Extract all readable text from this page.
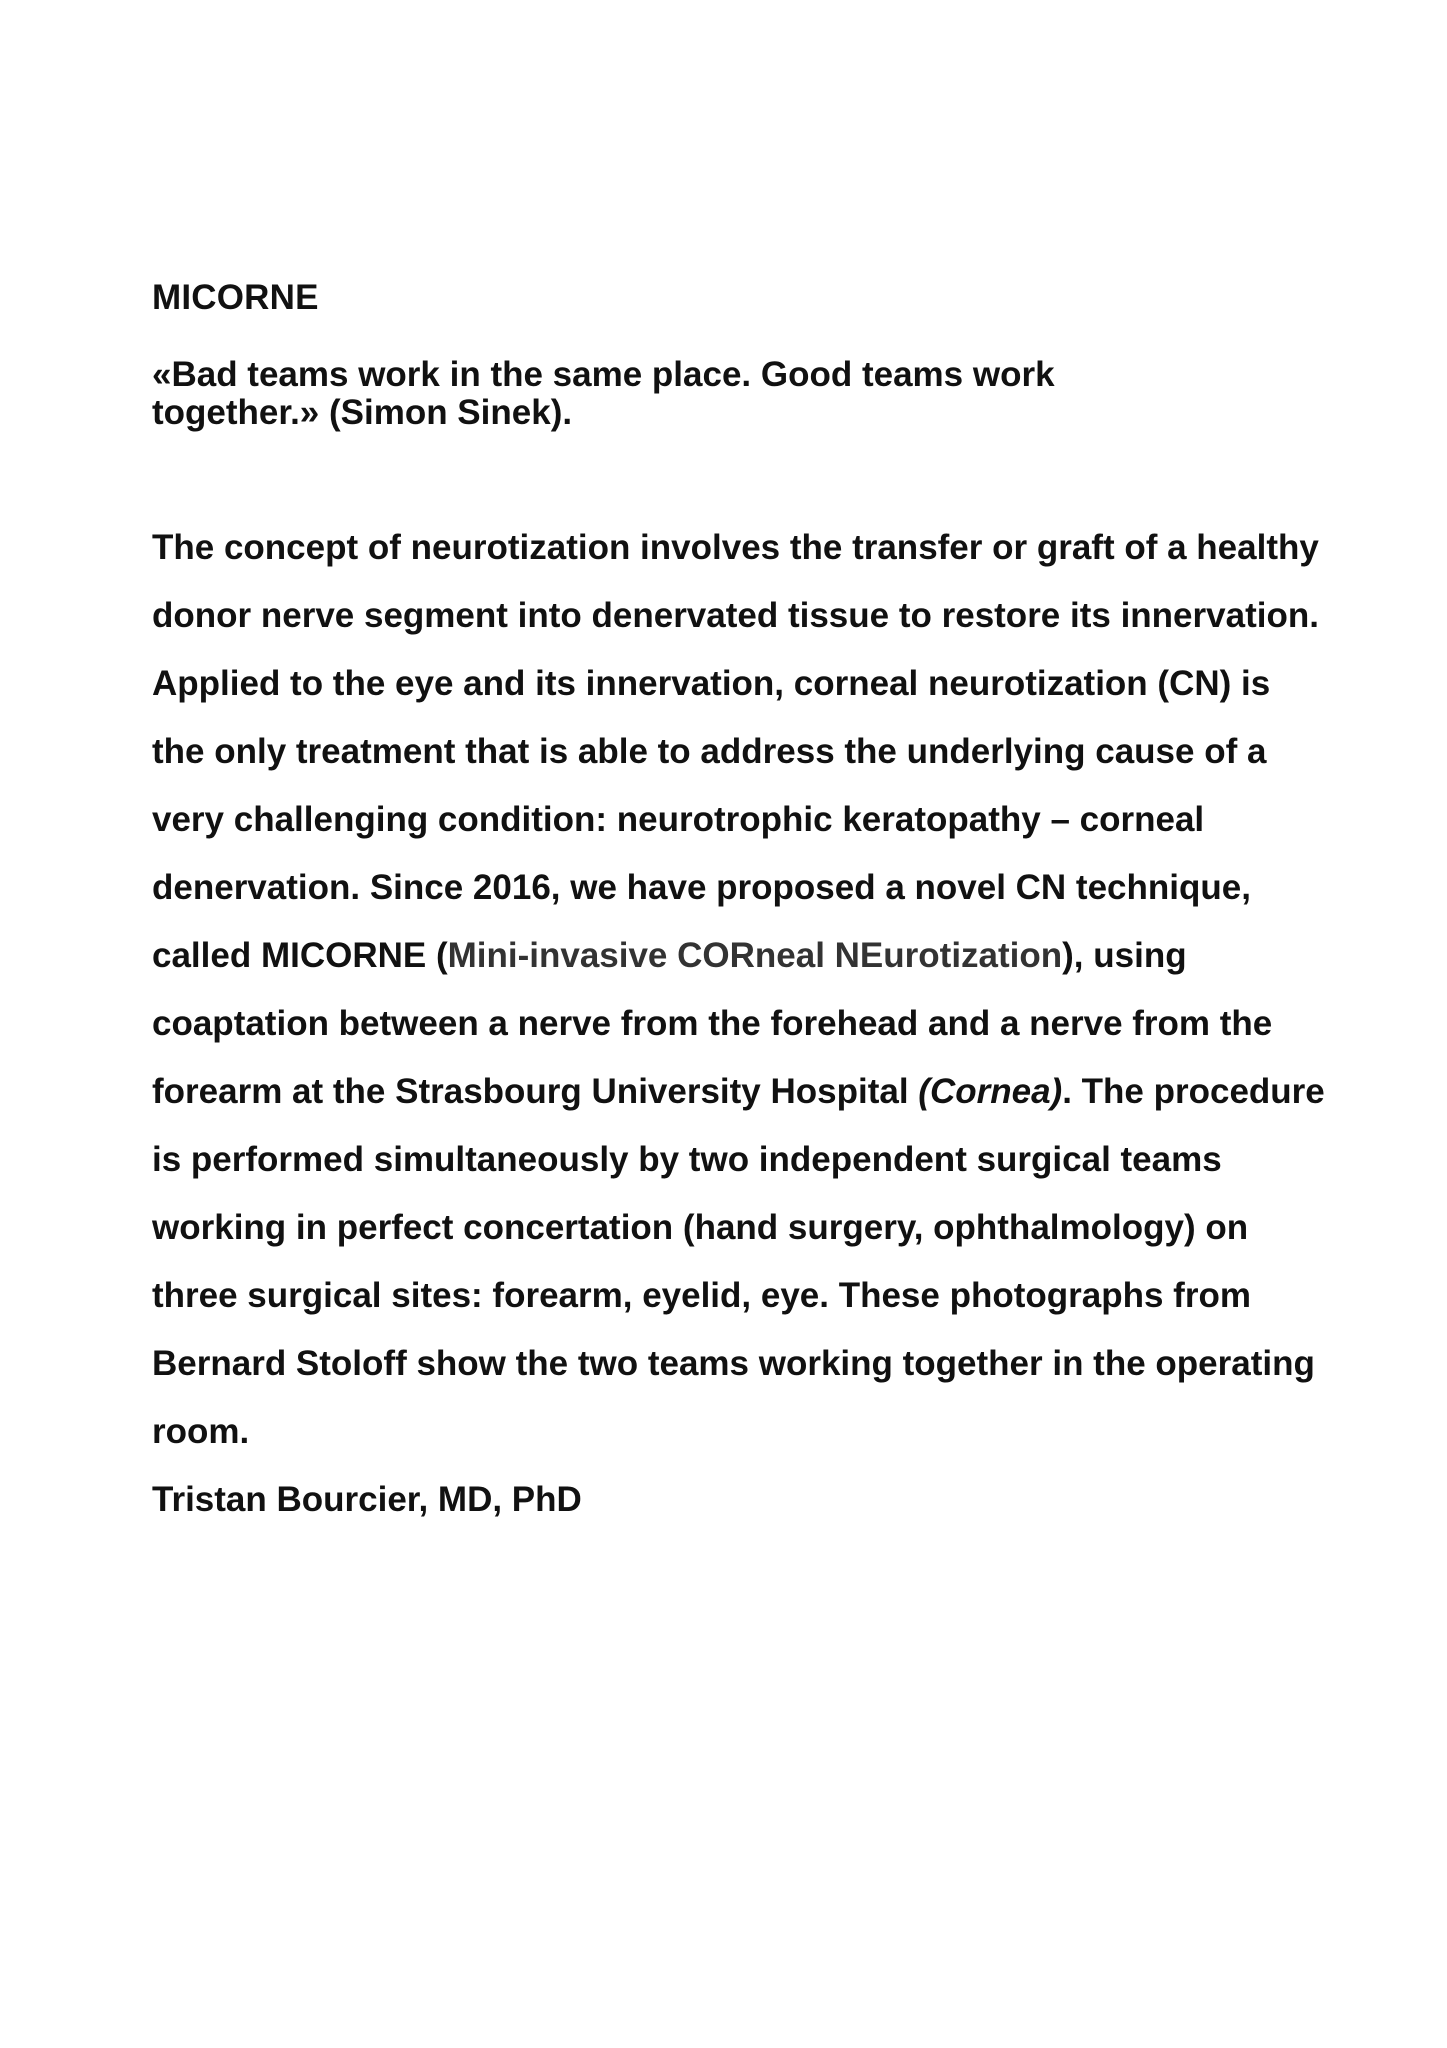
MICORNE

«Bad teams work in the same place. Good teams work together.» (Simon Sinek).

The concept of neurotization involves the transfer or graft of a healthy donor nerve segment into denervated tissue to restore its innervation. Applied to the eye and its innervation, corneal neurotization (CN) is the only treatment that is able to address the underlying cause of a very challenging condition: neurotrophic keratopathy – corneal denervation. Since 2016, we have proposed a novel CN technique, called MICORNE (Mini-invasive CORneal NEurotization), using coaptation between a nerve from the forehead and a nerve from the forearm at the Strasbourg University Hospital (Cornea). The procedure is performed simultaneously by two independent surgical teams working in perfect concertation (hand surgery, ophthalmology) on three surgical sites: forearm, eyelid, eye. These photographs from Bernard Stoloff show the two teams working together in the operating room.

Tristan Bourcier, MD, PhD
